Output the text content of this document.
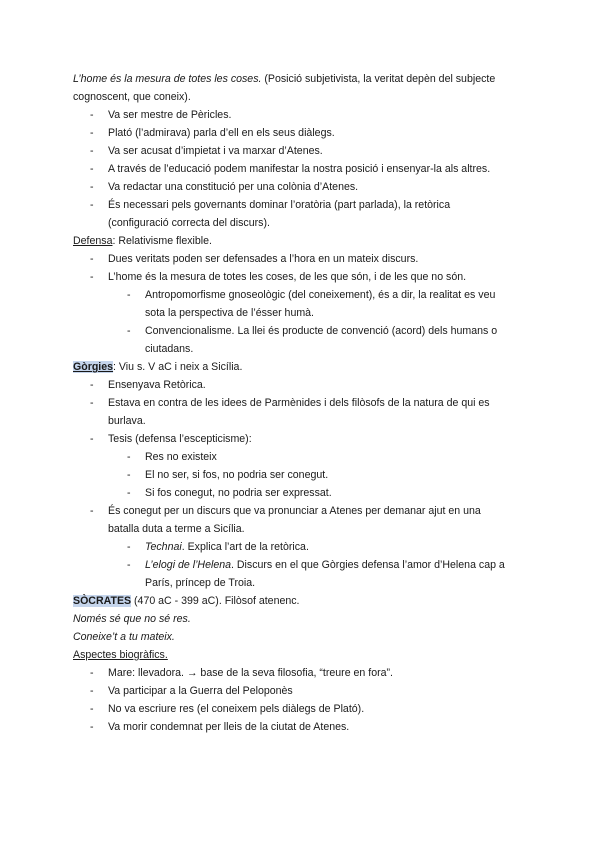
L’home és la mesura de totes les coses. (Posició subjetivista, la veritat depèn del subjecte
cognoscent, que coneix).
- Va ser mestre de Pèricles.
- Plató (l’admirava) parla d’ell en els seus diàlegs.
- Va ser acusat d’impietat i va marxar d’Atenes.
- A través de l’educació podem manifestar la nostra posició i ensenyar-la als altres.
- Va redactar una constitució per una colònia d’Atenes.
- És necessari pels governants dominar l’oratòria (part parlada), la retòrica
(configuració correcta del discurs).
Defensa: Relativisme flexible.
- Dues veritats poden ser defensades a l’hora en un mateix discurs.
- L’home és la mesura de totes les coses, de les que són, i de les que no són.
- Antropomorfisme gnoseològic (del coneixement), és a dir, la realitat es veu
sota la perspectiva de l’ésser humà.
- Convencionalisme. La llei és producte de convenció (acord) dels humans o
ciutadans.
Gòrgies: Viu s. V aC i neix a Sicília.
- Ensenyava Retòrica.
- Estava en contra de les idees de Parmènides i dels filòsofs de la natura de qui es
burlava.
- Tesis (defensa l’escepticisme):
- Res no existeix
- El no ser, si fos, no podria ser conegut.
- Si fos conegut, no podria ser expressat.
- És conegut per un discurs que va pronunciar a Atenes per demanar ajut en una
batalla duta a terme a Sicília.
- Technai. Explica l’art de la retòrica.
- L’elogi de l’Helena. Discurs en el que Gòrgies defensa l’amor d’Helena cap a
París, príncep de Troia.
SÒCRATES (470 aC - 399 aC). Filòsof atenenc.
Només sé que no sé res.
Coneixe’t a tu mateix.
Aspectes biogràfics.
- Mare: llevadora. → base de la seva filosofia, “treure en fora”.
- Va participar a la Guerra del Peloponès
- No va escriure res (el coneixem pels diàlegs de Plató).
- Va morir condemnat per lleis de la ciutat de Atenes.
